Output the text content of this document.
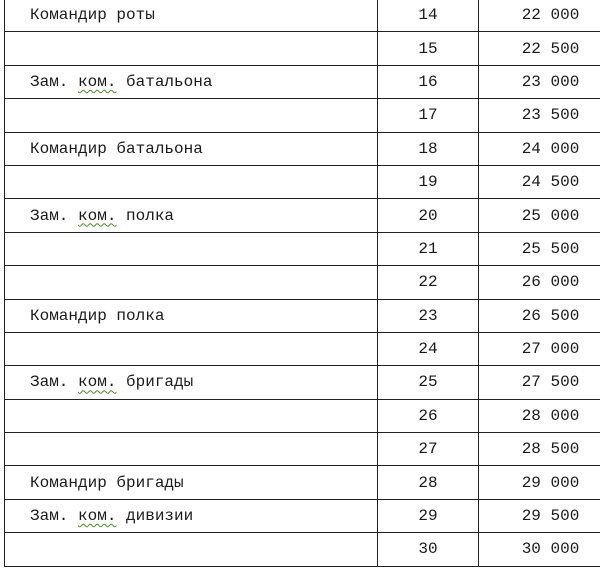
Командир роты	14	22 000
	15	22 500
Зам. ком. батальона	16	23 000
	17	23 500
Командир батальона	18	24 000
	19	24 500
Зам. ком. полка	20	25 000
	21	25 500
	22	26 000
Командир полка	23	26 500
	24	27 000
Зам. ком. бригады	25	27 500
	26	28 000
	27	28 500
Командир бригады	28	29 000
Зам. ком. дивизии	29	29 500
	30	30 000
